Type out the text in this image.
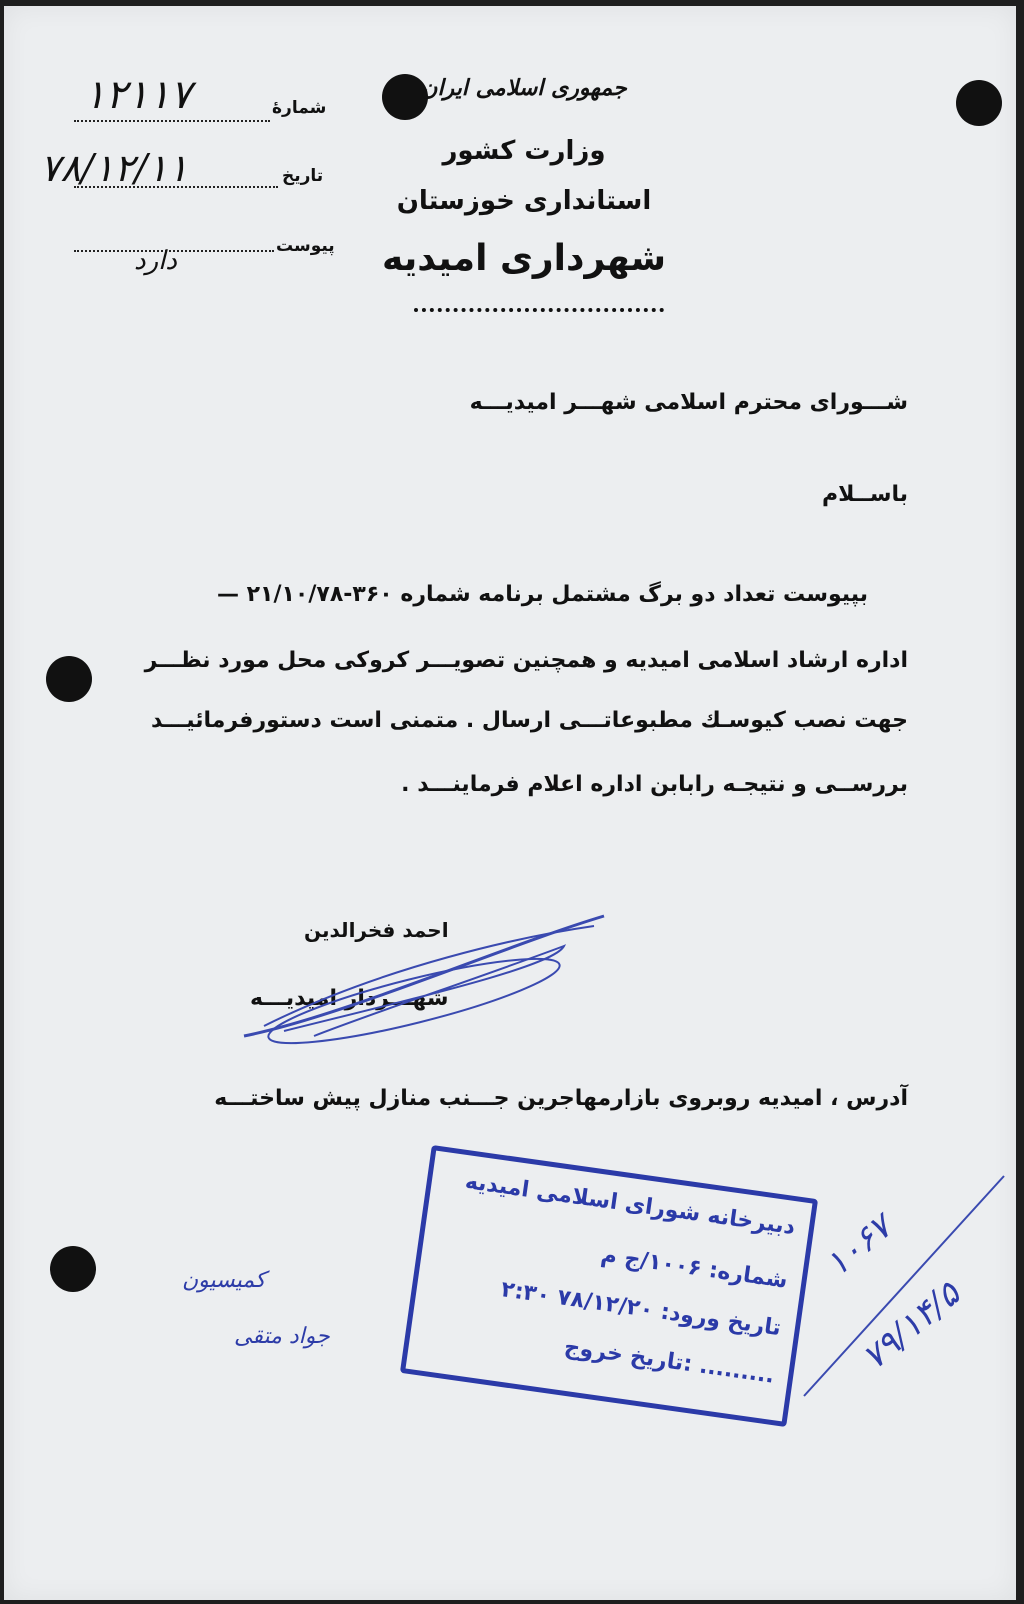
شمارهٔ
۱۲۱۱۷
تاریخ
۷۸/۱۲/۱۱
پیوست
دارد
جمهوری اسلامی ایران
وزارت کشور
استانداری خوزستان
شهرداری امیدیه
شـــورای محترم اسلامی شهـــر امیدیـــه
باســلام
بپیوست تعداد دو برگ مشتمل برنامه شماره ۳۶۰-۲۱/۱۰/۷۸ —
اداره ارشاد اسلامی امیدیه و همچنین تصویـــر کروکی محل مورد نظـــر
جهت نصب کیوسـك مطبوعاتـــی ارسال . متمنی است دستورفرمائیـــد
بررســی و نتیجـه رابابن اداره اعلام فرماینـــد .
احمد فخرالدین
شهـــردار امیدیـــه
آدرس ، امیدیه روبروی بازارمهاجرین جـــنب منازل پیش ساختـــه
دبیرخانه شورای اسلامی امیدیه
شماره: ۱۰۰۶/ج م
تاریخ ورود: ۷۸/۱۲/۲۰ ۲:۳۰
تاریخ خروج: .........
کمیسیون
جواد متقی
۱۰۶۷
۷۹/۱۴/۵
